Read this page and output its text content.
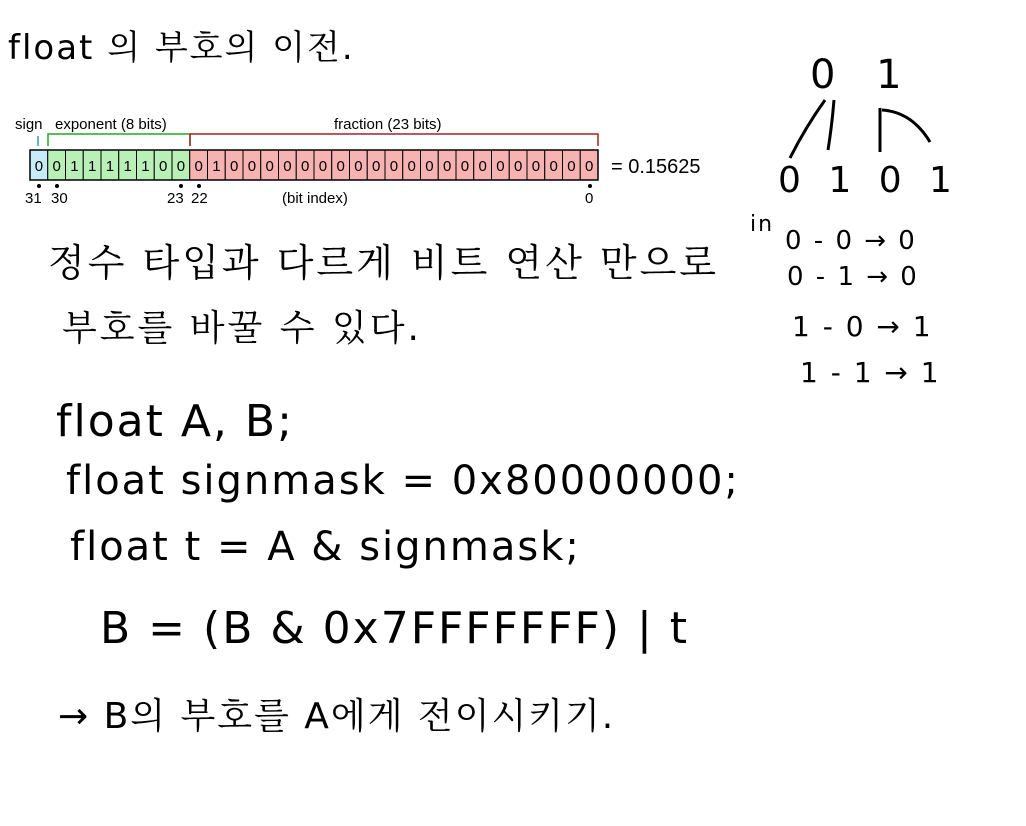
float 의 부호의 이전.
sign exponent (8 bits)	fraction (23 bits)
0 0 1 1 1 1 1 0 0 0 1 0 0 0 0 0 0 0 0 0 0 0 0 0 0 0 0 0 0 0 0 0 = 0.15625
31 30	23 22	(bit index)	0
0 1
0 1 0 1
in
0 - 0 → 0
0 - 1 → 0
1 - 0 → 1
1 - 1 → 1
정수 타입과 다르게 비트 연산 만으로
부호를 바꿀 수 있다.
float A, B;
float signmask = 0x80000000;
float t = A & signmask;
B = (B & 0x7FFFFFFF) | t
→ B의 부호를 A에게 전이시키기.
